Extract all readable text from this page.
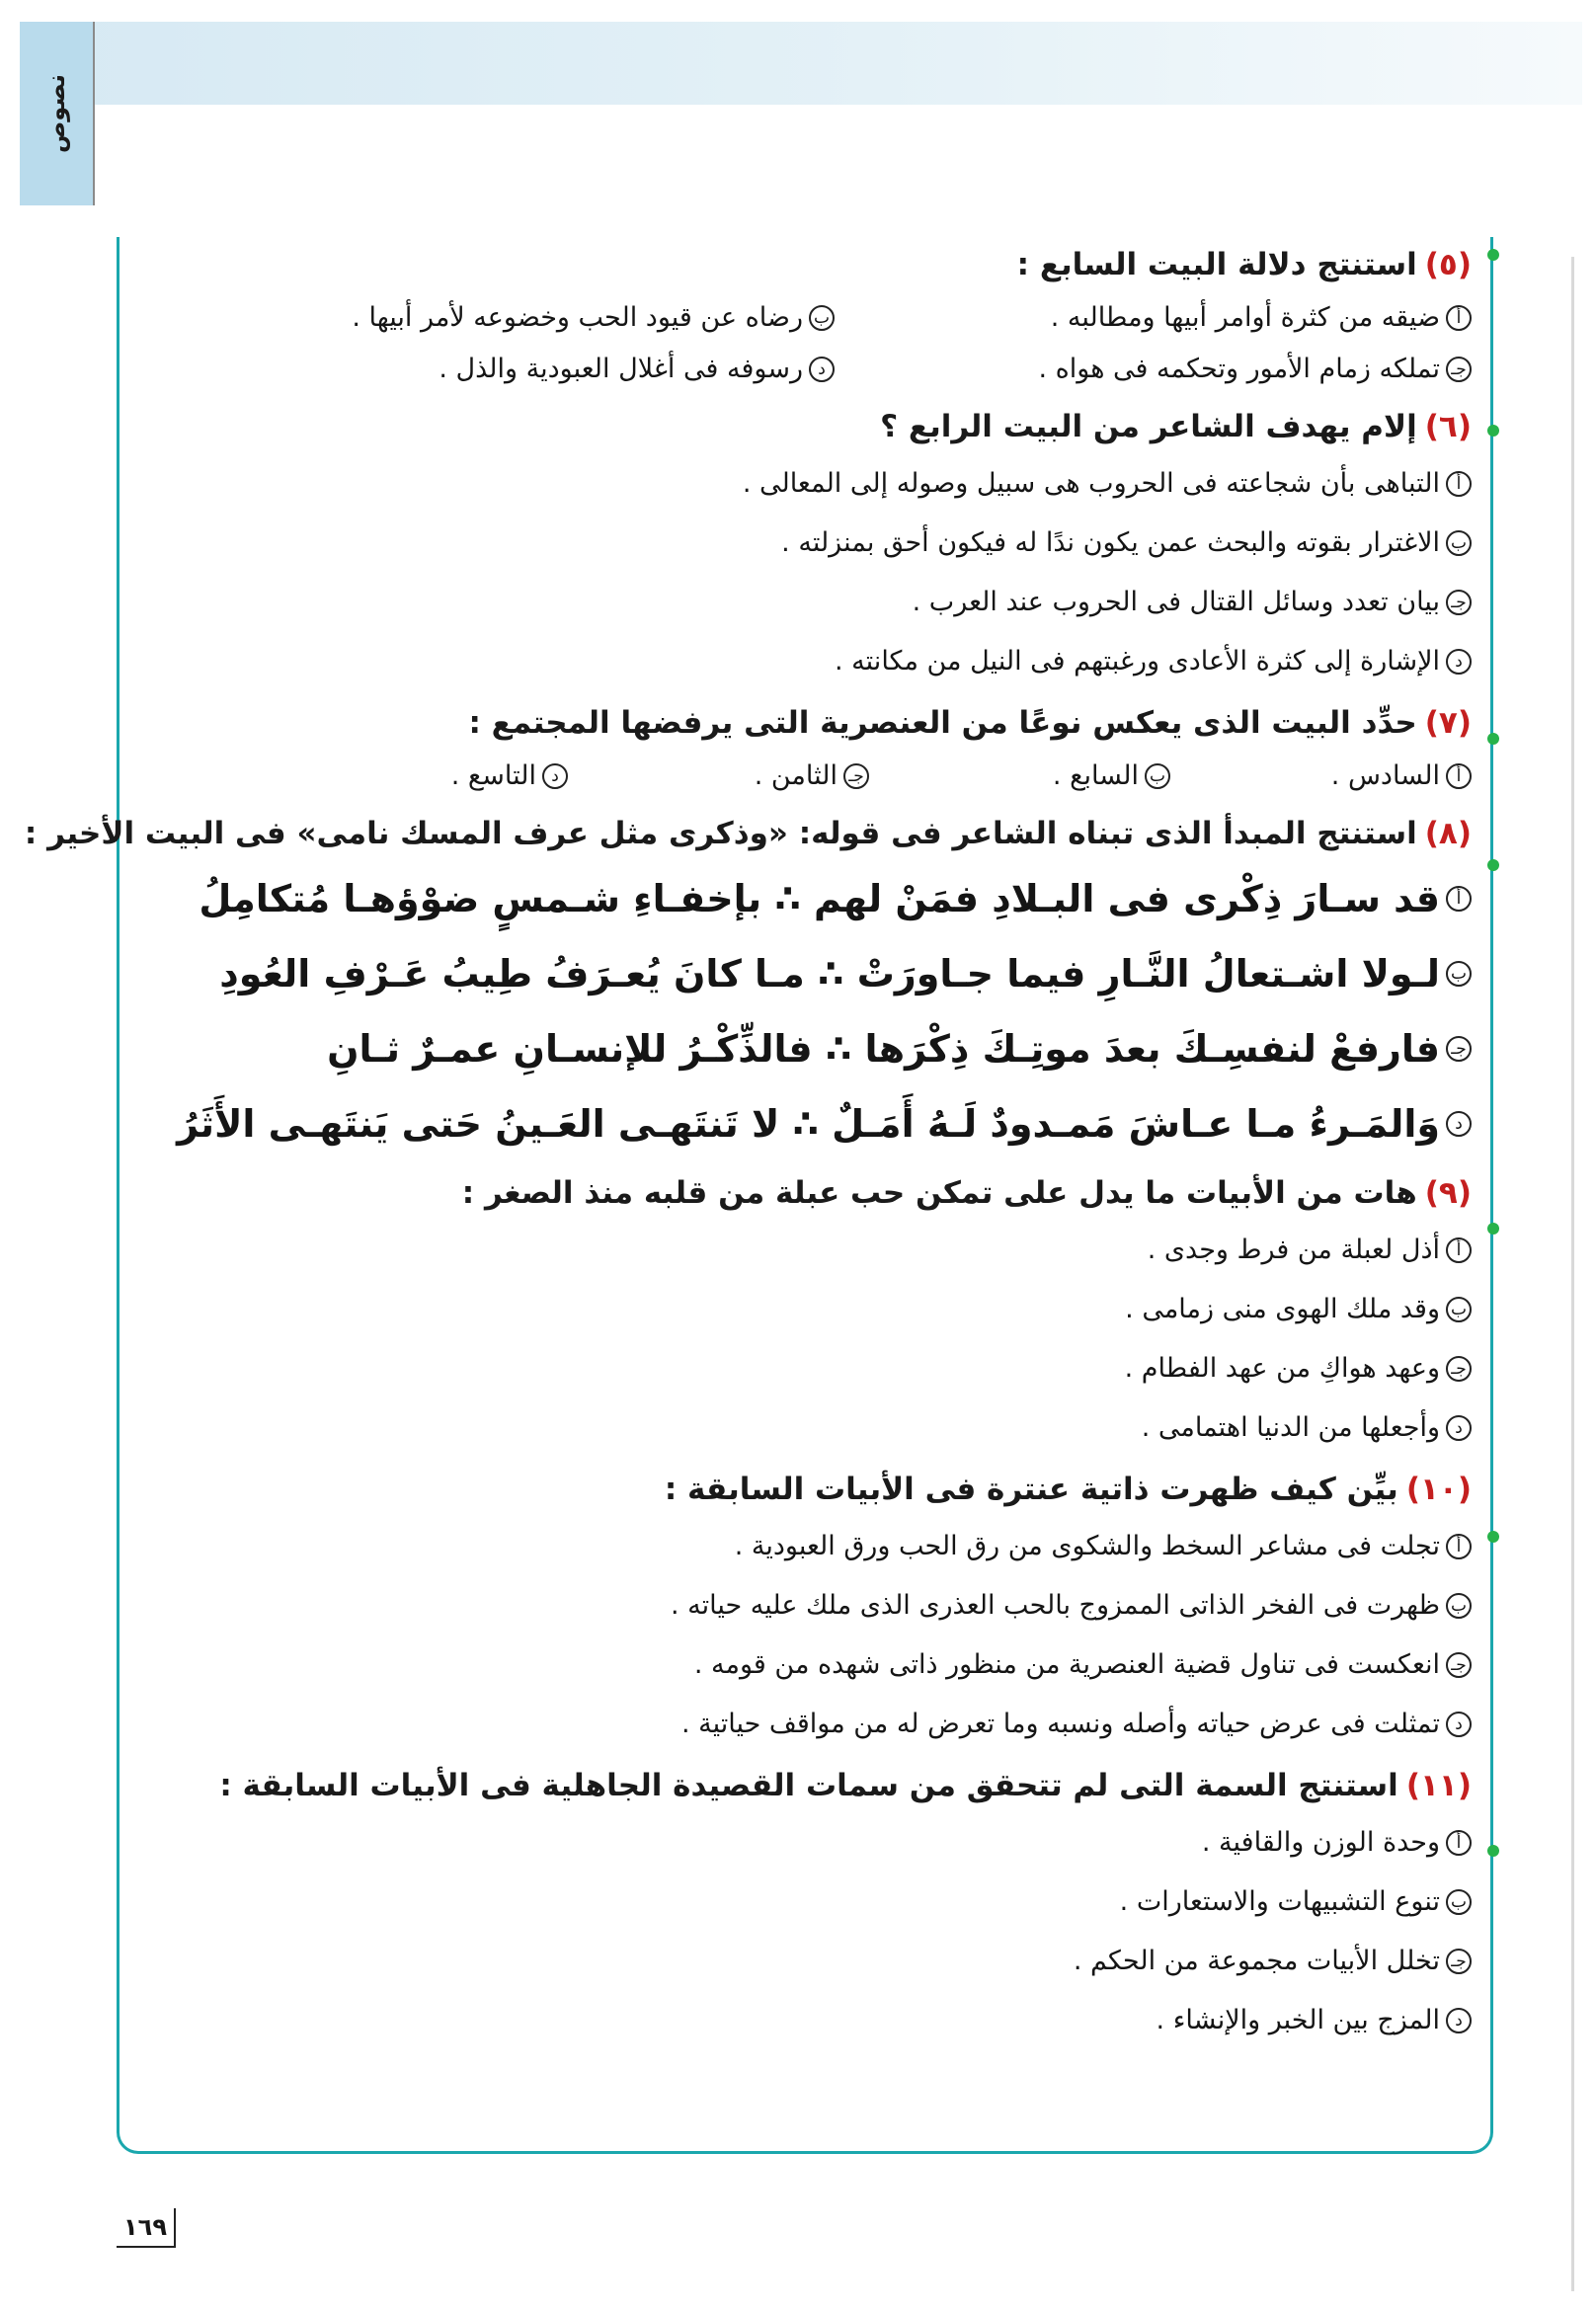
نصوص
(٥)استنتج دلالة البيت السابع :
أ
ضيقه من كثرة أوامر أبيها ومطالبه .
ب
رضاه عن قيود الحب وخضوعه لأمر أبيها .
جـ
تملكه زمام الأمور وتحكمه فى هواه .
د
رسوفه فى أغلال العبودية والذل .
(٦)إلام يهدف الشاعر من البيت الرابع ؟
أ
التباهى بأن شجاعته فى الحروب هى سبيل وصوله إلى المعالى .
ب
الاغترار بقوته والبحث عمن يكون ندًا له فيكون أحق بمنزلته .
جـ
بيان تعدد وسائل القتال فى الحروب عند العرب .
د
الإشارة إلى كثرة الأعادى ورغبتهم فى النيل من مكانته .
(٧)حدِّد البيت الذى يعكس نوعًا من العنصرية التى يرفضها المجتمع :
أ
السادس .
ب
السابع .
جـ
الثامن .
د
التاسع .
(٨)استنتج المبدأ الذى تبناه الشاعر فى قوله: «وذكرى مثل عرف المسك نامى» فى البيت الأخير :
أ
قد سـارَ ذِكْرى فى البـلادِ فمَنْ لهم ∴ بإخفـاءِ شـمسٍ ضوْؤهـا مُتكامِلُ
ب
لـولا اشـتعالُ النَّـارِ فيما جـاورَتْ ∴ مـا كانَ يُعـرَفُ طِيبُ عَـرْفِ العُودِ
جـ
فارفعْ لنفسِـكَ بعدَ موتِـكَ ذِكْرَها ∴ فالذِّكْـرُ للإنسـانِ عمـرٌ ثـانِ
د
وَالمَـرءُ مـا عـاشَ مَمـدودٌ لَـهُ أَمَـلٌ ∴ لا تَنتَهـى العَـينُ حَتى يَنتَهـى الأَثَرُ
(٩)هات من الأبيات ما يدل على تمكن حب عبلة من قلبه منذ الصغر :
أ
أذل لعبلة من فرط وجدى .
ب
وقد ملك الهوى منى زمامى .
جـ
وعهد هواكِ من عهد الفطام .
د
وأجعلها من الدنيا اهتمامى .
(١٠)بيِّن كيف ظهرت ذاتية عنترة فى الأبيات السابقة :
أ
تجلت فى مشاعر السخط والشكوى من رق الحب ورق العبودية .
ب
ظهرت فى الفخر الذاتى الممزوج بالحب العذرى الذى ملك عليه حياته .
جـ
انعكست فى تناول قضية العنصرية من منظور ذاتى شهده من قومه .
د
تمثلت فى عرض حياته وأصله ونسبه وما تعرض له من مواقف حياتية .
(١١)استنتج السمة التى لم تتحقق من سمات القصيدة الجاهلية فى الأبيات السابقة :
أ
وحدة الوزن والقافية .
ب
تنوع التشبيهات والاستعارات .
جـ
تخلل الأبيات مجموعة من الحكم .
د
المزج بين الخبر والإنشاء .
١٦٩
